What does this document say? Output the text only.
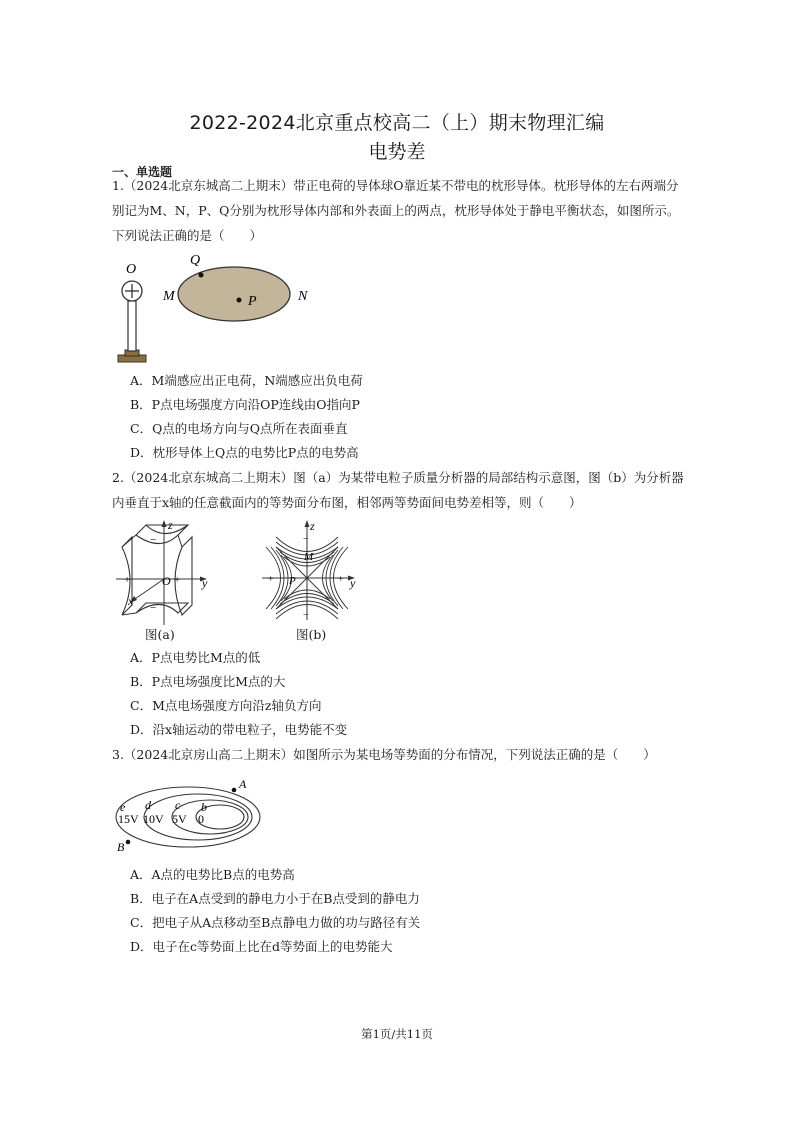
2022-2024北京重点校高二（上）期末物理汇编
电势差
一、单选题
1.（2024北京东城高二上期末）带正电荷的导体球O靠近某不带电的枕形导体。枕形导体的左右两端分别记为M、N，P、Q分别为枕形导体内部和外表面上的两点，枕形导体处于静电平衡状态，如图所示。下列说法正确的是（　　）
O
Q
M	P	N
A．M端感应出正电荷，N端感应出负电荷
B．P点电场强度方向沿OP连线由O指向P
C．Q点的电场方向与Q点所在表面垂直
D．枕形导体上Q点的电势比P点的电势高
2.（2024北京东城高二上期末）图（a）为某带电粒子质量分析器的局部结构示意图，图（b）为分析器内垂直于x轴的任意截面内的等势面分布图，相邻两等势面间电势差相等，则（　　）
z
y
x
O
−
+	+
−
图(a)
z
y
M
P
−
+	+
−
图(b)
A．P点电势比M点的低
B．P点电场强度比M点的大
C．M点电场强度方向沿z轴负方向
D．沿x轴运动的带电粒子，电势能不变
3.（2024北京房山高二上期末）如图所示为某电场等势面的分布情况，下列说法正确的是（　　）
e d c b
15V 10V 5V 0
A
B
A．A点的电势比B点的电势高
B．电子在A点受到的静电力小于在B点受到的静电力
C．把电子从A点移动至B点静电力做的功与路径有关
D．电子在c等势面上比在d等势面上的电势能大
第1页/共11页
